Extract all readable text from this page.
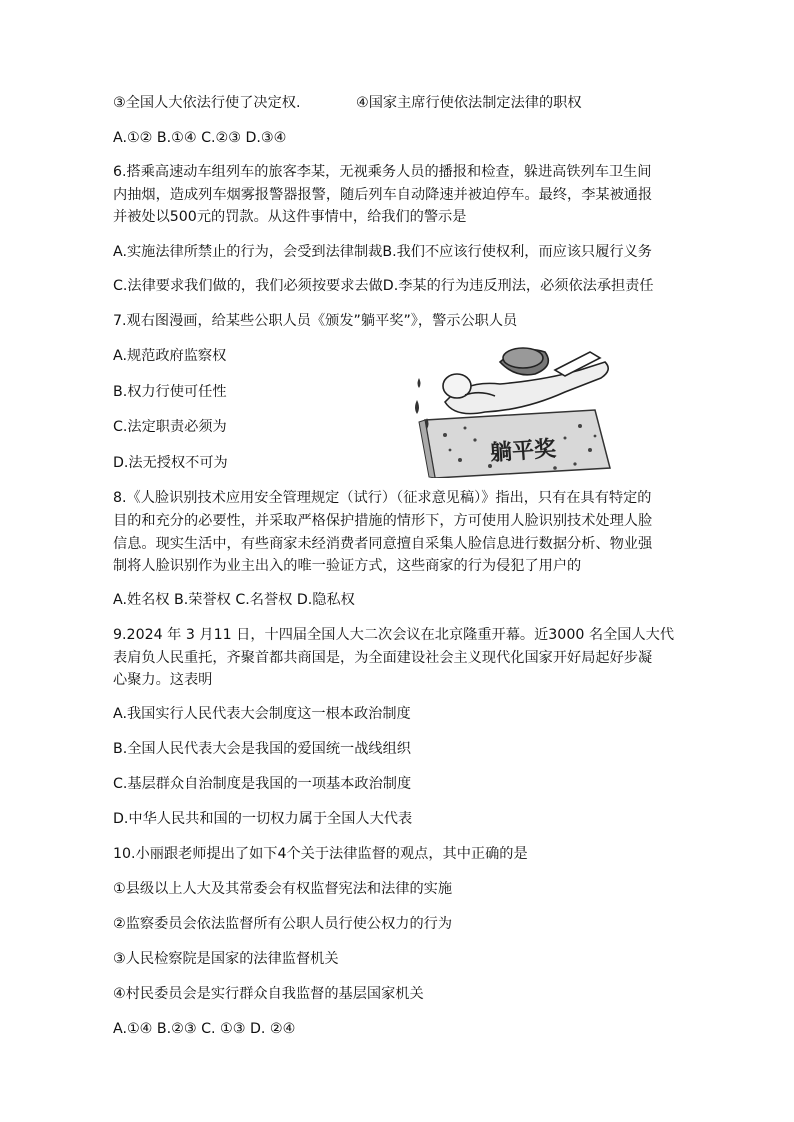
③全国人大依法行使了决定权.	④国家主席行使依法制定法律的职权
A.①② B.①④ C.②③ D.③④
6.搭乘高速动车组列车的旅客李某，无视乘务人员的播报和检查，躲进高铁列车卫生间
内抽烟，造成列车烟雾报警器报警，随后列车自动降速并被迫停车。最终，李某被通报
并被处以500元的罚款。从这件事情中，给我们的警示是
A.实施法律所禁止的行为，会受到法律制裁B.我们不应该行使权利，而应该只履行义务
C.法律要求我们做的，我们必须按要求去做D.李某的行为违反刑法，必须依法承担责任
7.观右图漫画，给某些公职人员《颁发”躺平奖”》，警示公职人员
A.规范政府监察权
B.权力行使可任性
C.法定职责必须为
D.法无授权不可为	躺平奖
8.《人脸识别技术应用安全管理规定（试行）（征求意见稿）》指出，只有在具有特定的
目的和充分的必要性，并采取严格保护措施的情形下，方可使用人脸识别技术处理人脸
信息。现实生活中，有些商家未经消费者同意擅自采集人脸信息进行数据分析、物业强
制将人脸识别作为业主出入的唯一验证方式，这些商家的行为侵犯了用户的
A.姓名权 B.荣誉权 C.名誉权 D.隐私权
9.2024 年 3 月11 日，十四届全国人大二次会议在北京隆重开幕。近3000 名全国人大代
表肩负人民重托，齐聚首都共商国是，为全面建设社会主义现代化国家开好局起好步凝
心聚力。这表明
A.我国实行人民代表大会制度这一根本政治制度
B.全国人民代表大会是我国的爱国统一战线组织
C.基层群众自治制度是我国的一项基本政治制度
D.中华人民共和国的一切权力属于全国人大代表
10.小丽跟老师提出了如下4个关于法律监督的观点，其中正确的是
①县级以上人大及其常委会有权监督宪法和法律的实施
②监察委员会依法监督所有公职人员行使公权力的行为
③人民检察院是国家的法律监督机关
④村民委员会是实行群众自我监督的基层国家机关
A.①④ B.②③ C. ①③ D. ②④
